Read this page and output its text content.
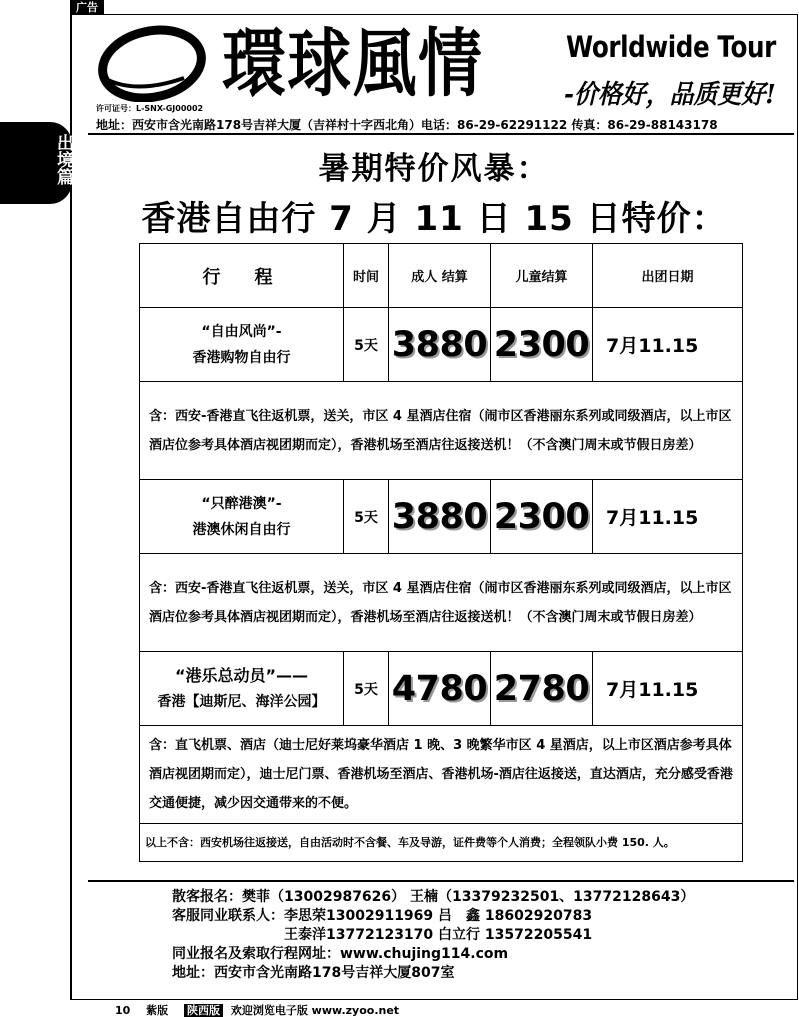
广告
出境篇
環球風情	Worldwide Tour
-价格好，品质更好!
许可证号：L-SNX-GJ00002
地址：西安市含光南路178号吉祥大厦（吉祥村十字西北角）电话：86-29-62291122 传真：86-29-88143178
暑期特价风暴：
香港自由行 7 月 11 日 15 日特价：
行　程	时间	成人 结算	儿童结算	出团日期

“自由风尚”-
香港购物自由行	5天	3880	2300	7月11.15
含：西安-香港直飞往返机票，送关，市区 4 星酒店住宿（闹市区香港丽东系列或同级酒店，以上市区酒店位参考具体酒店视团期而定），香港机场至酒店往返接送机！（不含澳门周末或节假日房差）				

“只醉港澳”-
港澳休闲自由行	5天	3880	2300	7月11.15
含：西安-香港直飞往返机票，送关，市区 4 星酒店住宿（闹市区香港丽东系列或同级酒店，以上市区酒店位参考具体酒店视团期而定），香港机场至酒店往返接送机！（不含澳门周末或节假日房差）				

“港乐总动员”——
香港【迪斯尼、海洋公园】	5天	4780	2780	7月11.15
含：直飞机票、酒店（迪士尼好莱坞豪华酒店 1 晚、3 晚繁华市区 4 星酒店，以上市区酒店参考具体酒店视团期而定），迪士尼门票、香港机场至酒店、香港机场-酒店往返接送，直达酒店，充分感受香港交通便捷，减少因交通带来的不便。				
以上不含：西安机场往返接送，自由活动时不含餐、车及导游，证件费等个人消费；全程领队小费 150. 人。				
散客报名：樊菲（13002987626） 王楠（13379232501、13772128643）
客服同业联系人：李思荣13002911969 吕　鑫 18602920783
　　　　　　　　王泰洋13772123170 白立行 13572205541
同业报名及索取行程网址：www.chujing114.com
地址：西安市含光南路178号吉祥大厦807室
10 紫版 陕西版 欢迎浏览电子版 www.zyoo.net
